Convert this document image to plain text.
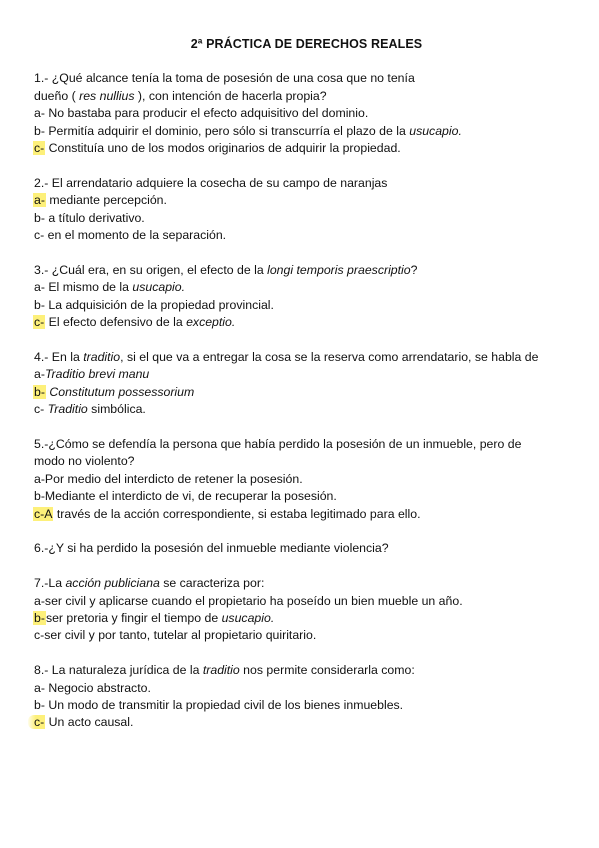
2ª PRÁCTICA DE DERECHOS REALES
1.- ¿Qué alcance tenía la toma de posesión de una cosa que no tenía
dueño ( res nullius ), con intención de hacerla propia?
a- No bastaba para producir el efecto adquisitivo del dominio.
b- Permitía adquirir el dominio, pero sólo si transcurría el plazo de la usucapio.
c- Constituía uno de los modos originarios de adquirir la propiedad.
2.- El arrendatario adquiere la cosecha de su campo de naranjas
a- mediante percepción.
b- a título derivativo.
c- en el momento de la separación.
3.- ¿Cuál era, en su origen, el efecto de la longi temporis praescriptio?
a- El mismo de la usucapio.
b- La adquisición de la propiedad provincial.
c- El efecto defensivo de la exceptio.
4.- En la traditio, si el que va a entregar la cosa se la reserva como arrendatario, se habla de
a-Traditio brevi manu
b- Constitutum possessorium
c- Traditio simbólica.
5.-¿Cómo se defendía la persona que había perdido la posesión de un inmueble, pero de
modo no violento?
a-Por medio del interdicto de retener la posesión.
b-Mediante el interdicto de vi, de recuperar la posesión.
c-A través de la acción correspondiente, si estaba legitimado para ello.
6.-¿Y si ha perdido la posesión del inmueble mediante violencia?
7.-La acción publiciana se caracteriza por:
a-ser civil y aplicarse cuando el propietario ha poseído un bien mueble un año.
b-ser pretoria y fingir el tiempo de usucapio.
c-ser civil y por tanto, tutelar al propietario quiritario.
8.- La naturaleza jurídica de la traditio nos permite considerarla como:
a- Negocio abstracto.
b- Un modo de transmitir la propiedad civil de los bienes inmuebles.
c- Un acto causal.
